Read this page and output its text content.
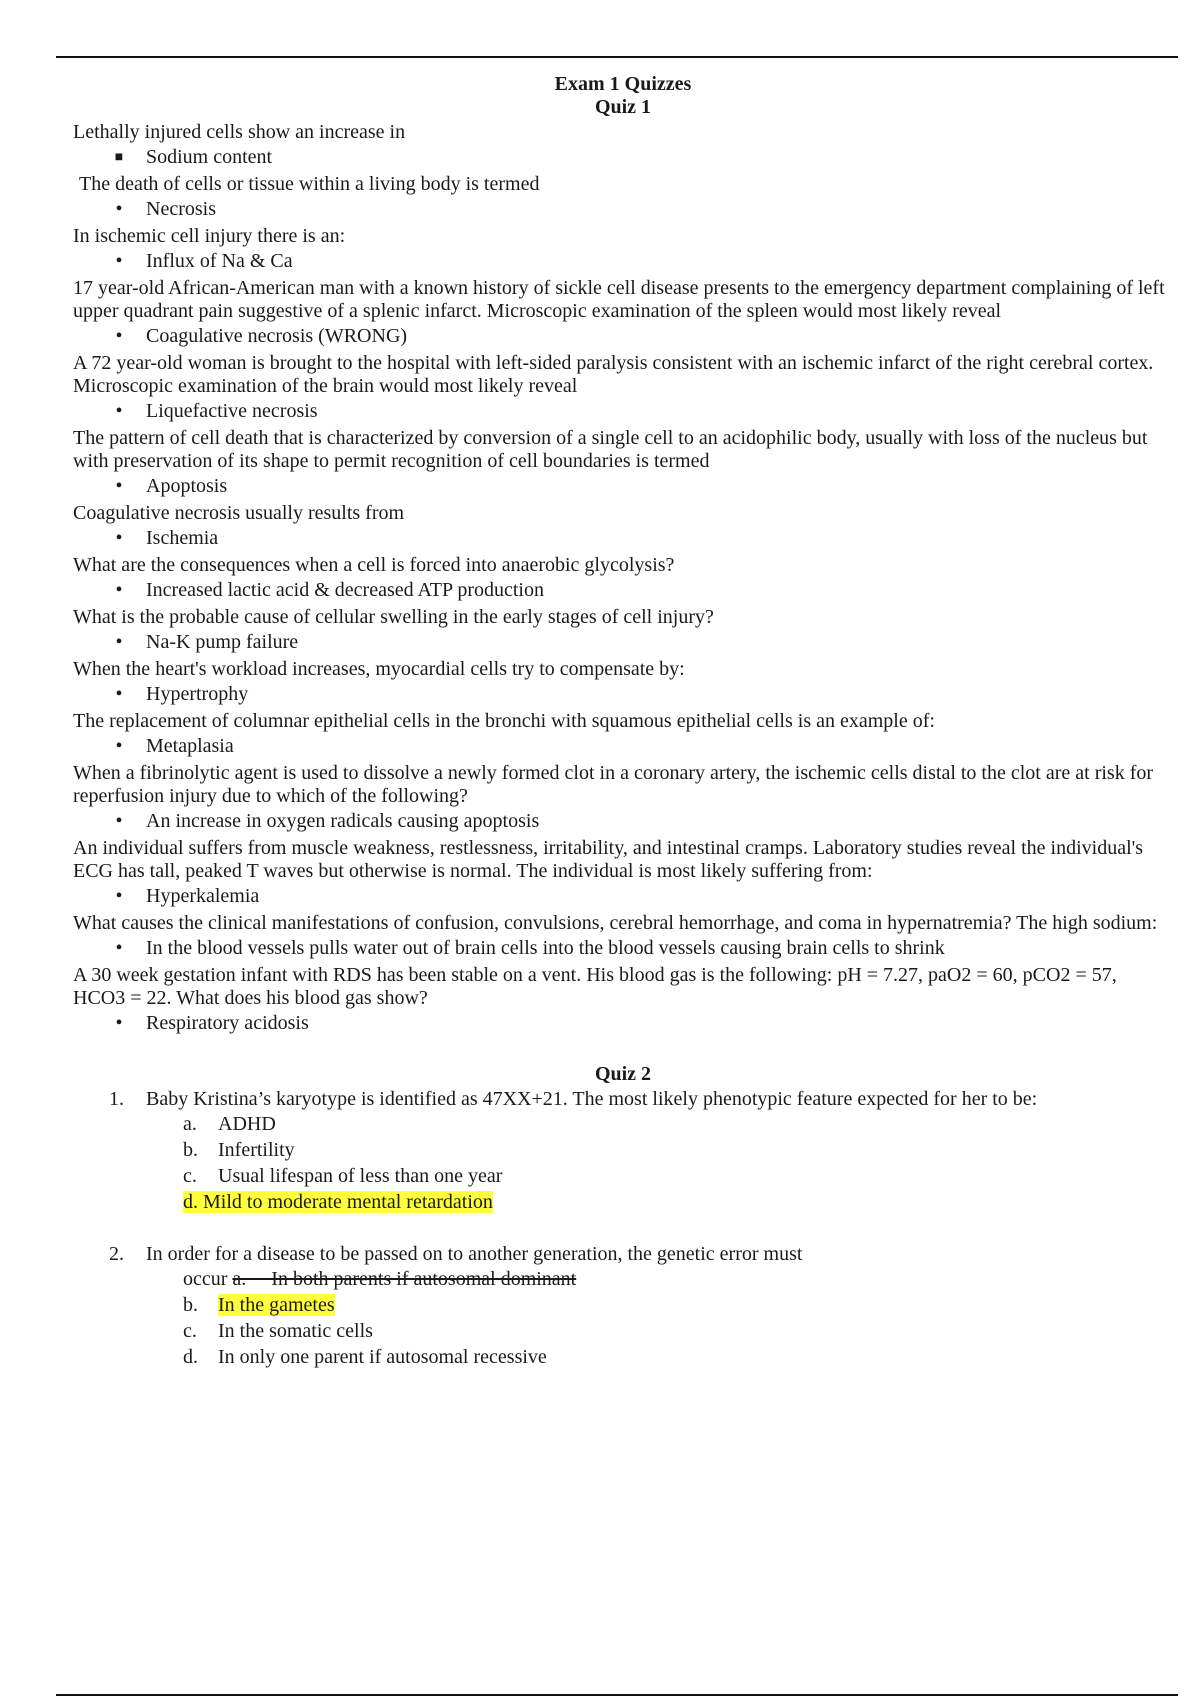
Exam 1 Quizzes
Quiz 1
Lethally injured cells show an increase in
■ Sodium content
The death of cells or tissue within a living body is termed
•	Necrosis
In ischemic cell injury there is an:
•	Influx of Na & Ca
17 year-old African-American man with a known history of sickle cell disease presents to the emergency department complaining of left upper quadrant pain suggestive of a splenic infarct. Microscopic examination of the spleen would most likely reveal
•	Coagulative necrosis (WRONG)
A 72 year-old woman is brought to the hospital with left-sided paralysis consistent with an ischemic infarct of the right cerebral cortex. Microscopic examination of the brain would most likely reveal
•	Liquefactive necrosis
The pattern of cell death that is characterized by conversion of a single cell to an acidophilic body, usually with loss of the nucleus but with preservation of its shape to permit recognition of cell boundaries is termed
•	Apoptosis
Coagulative necrosis usually results from
•	Ischemia
What are the consequences when a cell is forced into anaerobic glycolysis?
•	Increased lactic acid & decreased ATP production
What is the probable cause of cellular swelling in the early stages of cell injury?
•	Na-K pump failure
When the heart's workload increases, myocardial cells try to compensate by:
•	Hypertrophy
The replacement of columnar epithelial cells in the bronchi with squamous epithelial cells is an example of:
•	Metaplasia
When a fibrinolytic agent is used to dissolve a newly formed clot in a coronary artery, the ischemic cells distal to the clot are at risk for reperfusion injury due to which of the following?
•	An increase in oxygen radicals causing apoptosis
An individual suffers from muscle weakness, restlessness, irritability, and intestinal cramps. Laboratory studies reveal the individual's ECG has tall, peaked T waves but otherwise is normal. The individual is most likely suffering from:
•	Hyperkalemia
What causes the clinical manifestations of confusion, convulsions, cerebral hemorrhage, and coma in hypernatremia? The high sodium:
•	In the blood vessels pulls water out of brain cells into the blood vessels causing brain cells to shrink
A 30 week gestation infant with RDS has been stable on a vent. His blood gas is the following: pH = 7.27, paO2 = 60, pCO2 = 57, HCO3 = 22. What does his blood gas show?
•	Respiratory acidosis
Quiz 2
1. Baby Kristina’s karyotype is identified as 47XX+21. The most likely phenotypic feature expected for her to be:
a. ADHD
b. Infertility
c. Usual lifespan of less than one year
d. Mild to moderate mental retardation
2. In order for a disease to be passed on to another generation, the genetic error must
occur a.     In both parents if autosomal dominant
b. In the gametes
c. In the somatic cells
d. In only one parent if autosomal recessive
